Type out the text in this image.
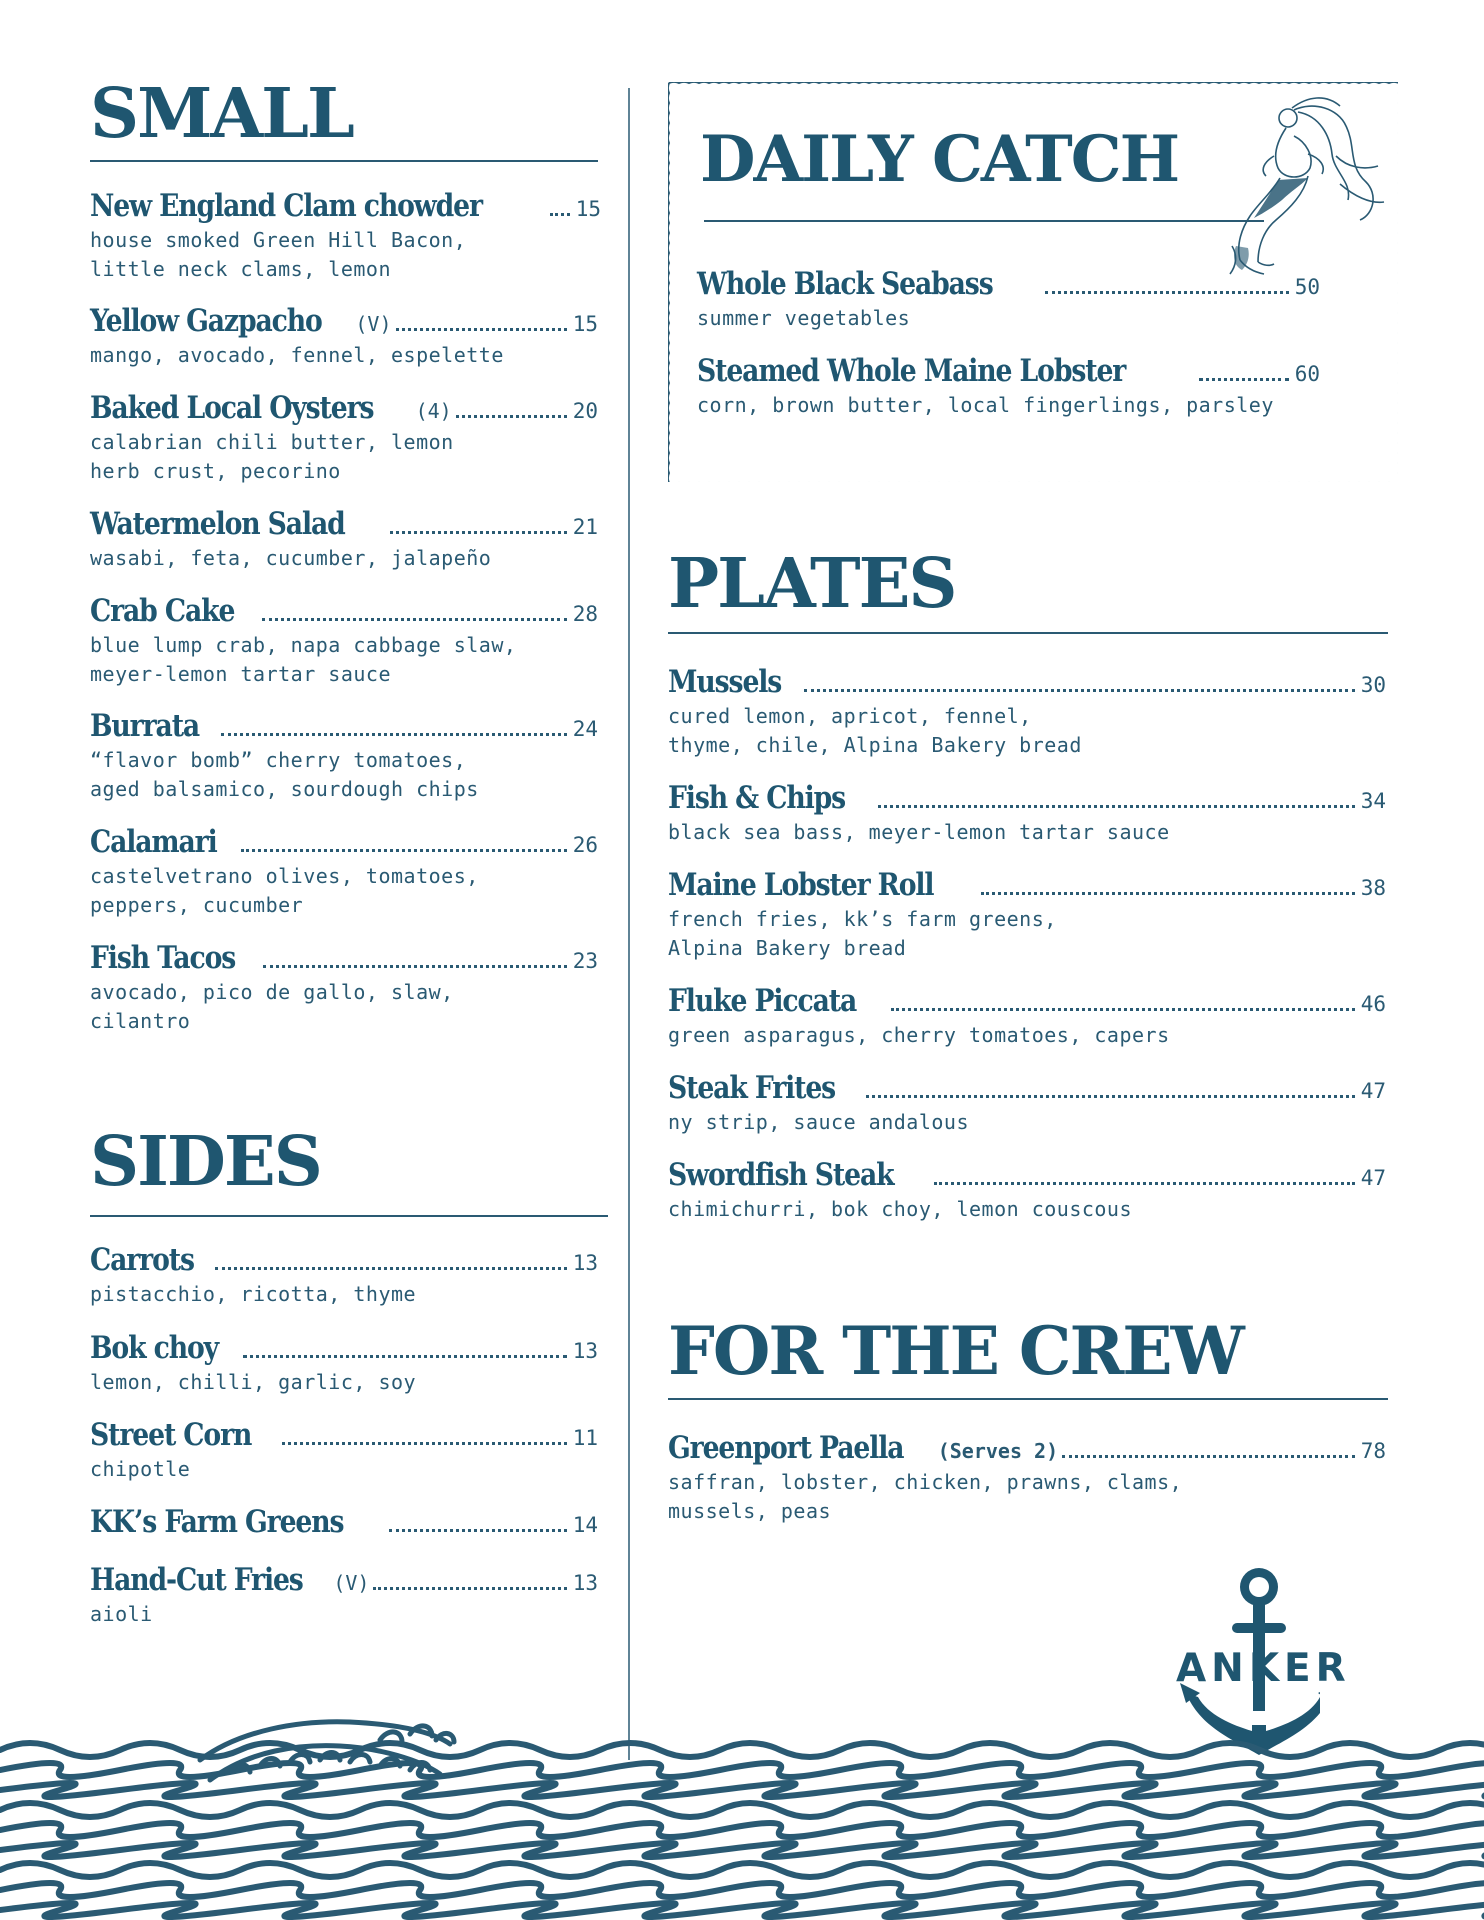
SMALL
New England Clam chowder	15
house smoked Green Hill Bacon,
little neck clams, lemon
Yellow Gazpacho (V)	15
mango, avocado, fennel, espelette
Baked Local Oysters (4)	20
calabrian chili butter, lemon
herb crust, pecorino
Watermelon Salad	21
wasabi, feta, cucumber, jalapeño
Crab Cake	28
blue lump crab, napa cabbage slaw,
meyer-lemon tartar sauce
Burrata	24
“flavor bomb” cherry tomatoes,
aged balsamico, sourdough chips
Calamari	26
castelvetrano olives, tomatoes,
peppers, cucumber
Fish Tacos	23
avocado, pico de gallo, slaw,
cilantro
SIDES
Carrots	13
pistacchio, ricotta, thyme
Bok choy	13
lemon, chilli, garlic, soy
Street Corn	11
chipotle
KK’s Farm Greens	14
Hand-Cut Fries (V)	13
aioli
DAILY CATCH
Whole Black Seabass	50
summer vegetables
Steamed Whole Maine Lobster	60
corn, brown butter, local fingerlings, parsley
PLATES
Mussels	30
cured lemon, apricot, fennel,
thyme, chile, Alpina Bakery bread
Fish & Chips	34
black sea bass, meyer-lemon tartar sauce
Maine Lobster Roll	38
french fries, kk’s farm greens,
Alpina Bakery bread
Fluke Piccata	46
green asparagus, cherry tomatoes, capers
Steak Frites	47
ny strip, sauce andalous
Swordfish Steak	47
chimichurri, bok choy, lemon couscous
FOR THE CREW
Greenport Paella (Serves 2)	78
saffran, lobster, chicken, prawns, clams,
mussels, peas
ANKER
